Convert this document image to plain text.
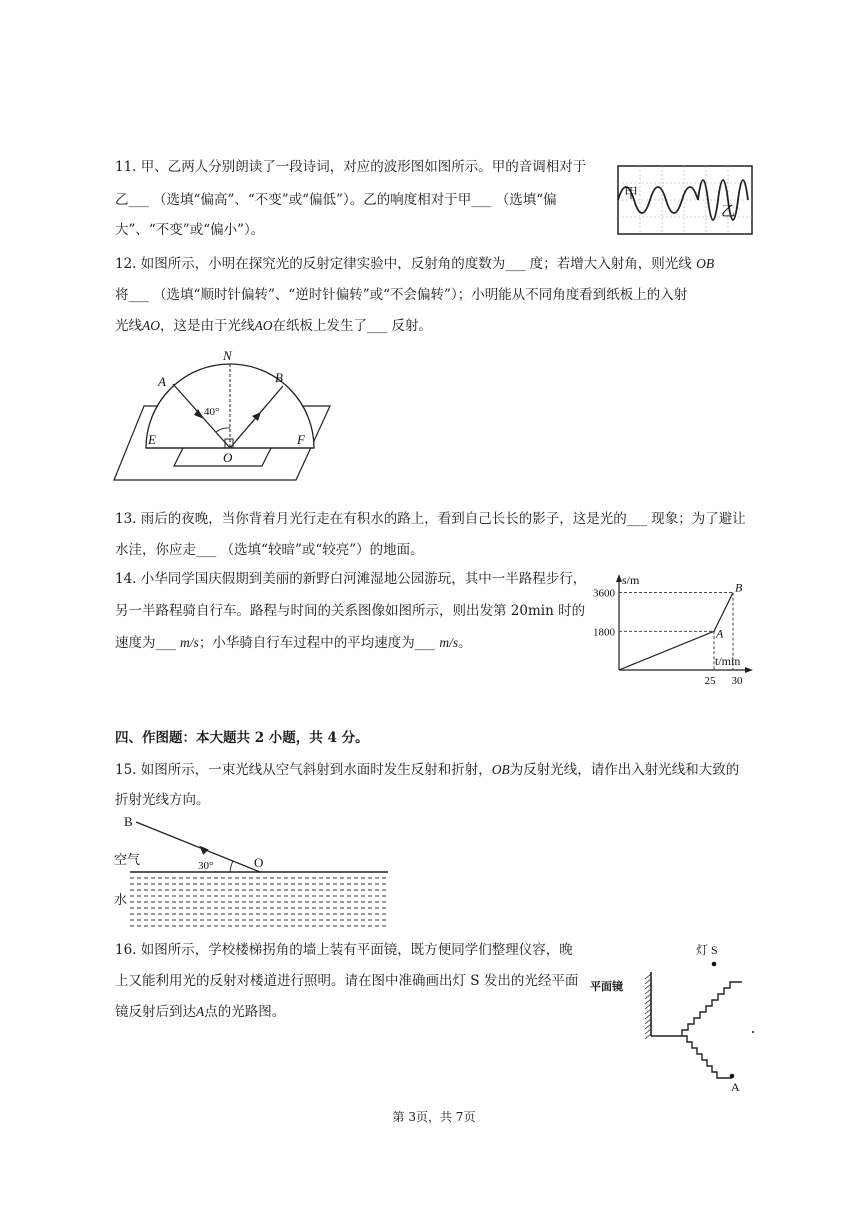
11. 甲、乙两人分别朗读了一段诗词，对应的波形图如图所示。甲的音调相对于
乙___ （选填“偏高”、“不变”或“偏低”）。乙的响度相对于甲___ （选填“偏
大”、“不变”或“偏小”）。
甲
乙
12. 如图所示，小明在探究光的反射定律实验中，反射角的度数为___ 度；若增大入射角，则光线 OB
将___ （选填“顺时针偏转”、“逆时针偏转”或“不会偏转”）；小明能从不同角度看到纸板上的入射
光线AO，这是由于光线AO在纸板上发生了___ 反射。
N
A	B
E	F
O
40°
13. 雨后的夜晚，当你背着月光行走在有积水的路上，看到自己长长的影子，这是光的___ 现象；为了避让
水洼，你应走___ （选填“较暗”或“较亮”）的地面。
14. 小华同学国庆假期到美丽的新野白河滩湿地公园游玩，其中一半路程步行，
另一半路程骑自行车。路程与时间的关系图像如图所示，则出发第 20min 时的
速度为___ m/s；小华骑自行车过程中的平均速度为___ m/s。
A
B
1800
3600
25 30
s/m
t/min
四、作图题：本大题共 2 小题，共 4 分。
15. 如图所示，一束光线从空气斜射到水面时发生反射和折射，OB为反射光线，请作出入射光线和大致的
折射光线方向。
B
O
30°
空气
水
16. 如图所示，学校楼梯拐角的墙上装有平面镜，既方便同学们整理仪容，晚
上又能利用光的反射对楼道进行照明。请在图中准确画出灯 S 发出的光经平面
镜反射后到达A点的光路图。
灯 S
平面镜
A
第 3页，共 7页
